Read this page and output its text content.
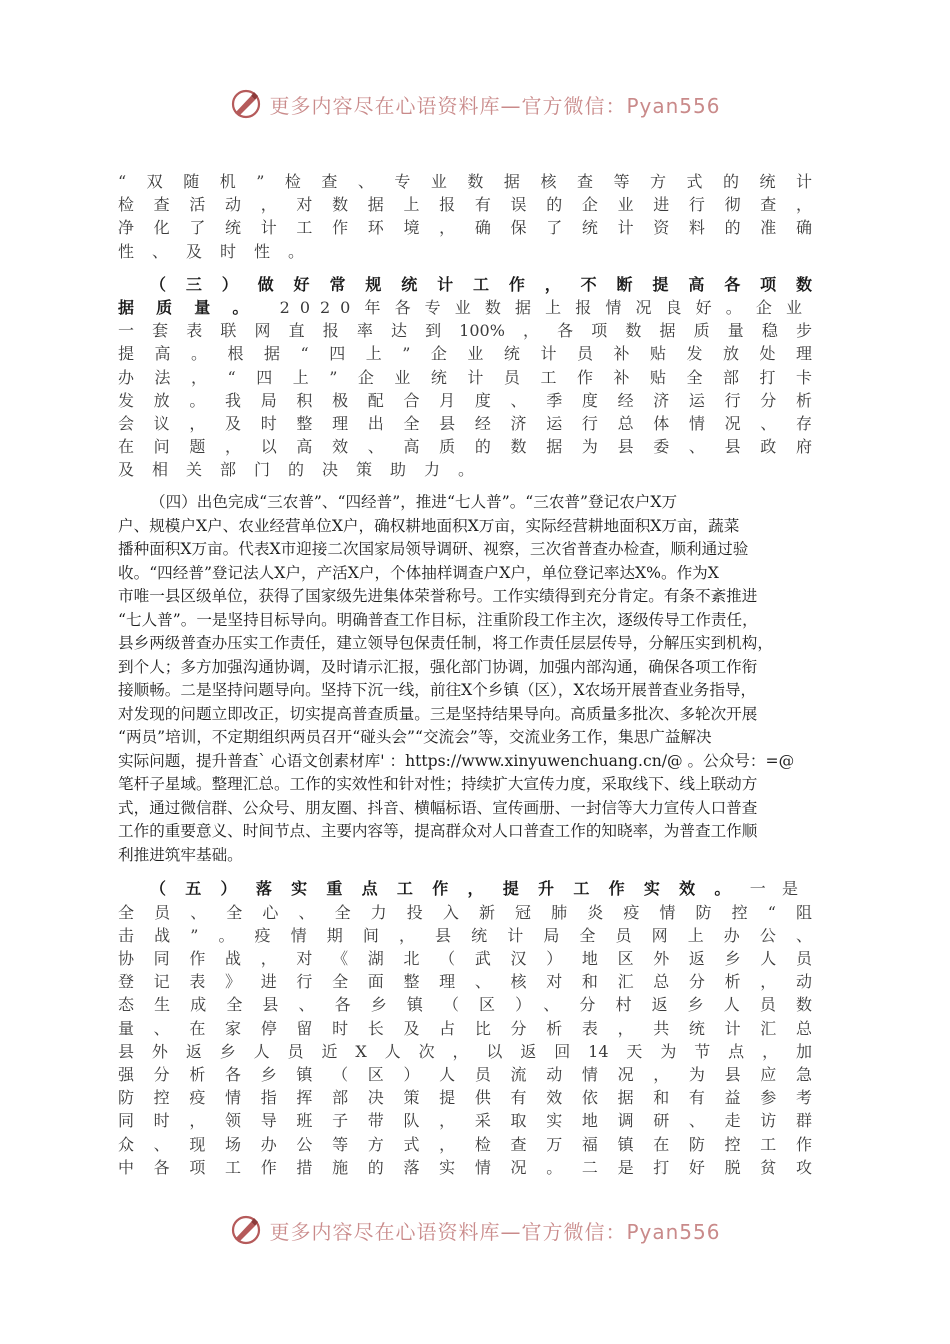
更多内容尽在心语资料库—官方微信：Pyan556
“双随机”检查、专业数据核查等方式的统计
检查活动，对数据上报有误的企业进行彻查，
净化了统计工作环境，确保了统计资料的准确
性、及时性。
（三）做好常规统计工作，不断提高各项数
据质量。 2020年各专业数据上报情况良好。企业
一套表联网直报率达到100%，各项数据质量稳步
提高。根据“四上”企业统计员补贴发放处理
办法，“四上”企业统计员工作补贴全部打卡
发放。我局积极配合月度、季度经济运行分析
会议，及时整理出全县经济运行总体情况、存
在问题，以高效、高质的数据为县委、县政府
及相关部门的决策助力。
（四）出色完成“三农普”、“四经普”，推进“七人普”。“三农普”登记农户X万
户、规模户X户、农业经营单位X户，确权耕地面积X万亩，实际经营耕地面积X万亩，蔬菜
播种面积X万亩。代表X市迎接二次国家局领导调研、视察，三次省普查办检查，顺利通过验
收。“四经普”登记法人X户，产活X户，个体抽样调查户X户，单位登记率达X%。作为X
市唯一县区级单位，获得了国家级先进集体荣誉称号。工作实绩得到充分肯定。有条不紊推进
“七人普”。一是坚持目标导向。明确普查工作目标，注重阶段工作主次，逐级传导工作责任，
县乡两级普查办压实工作责任，建立领导包保责任制，将工作责任层层传导，分解压实到机构，
到个人；多方加强沟通协调，及时请示汇报，强化部门协调，加强内部沟通，确保各项工作衔
接顺畅。二是坚持问题导向。坚持下沉一线，前往X个乡镇（区），X农场开展普查业务指导，
对发现的问题立即改正，切实提高普查质量。三是坚持结果导向。高质量多批次、多轮次开展
“两员”培训，不定期组织两员召开“碰头会”“交流会”等，交流业务工作，集思广益解决
实际问题，提升普查` 心语文创素材库' ：https://www.xinyuwenchuang.cn/@ 。公众号：=@
笔杆子星域。整理汇总。工作的实效性和针对性；持续扩大宣传力度，采取线下、线上联动方
式，通过微信群、公众号、朋友圈、抖音、横幅标语、宣传画册、一封信等大力宣传人口普查
工作的重要意义、时间节点、主要内容等，提高群众对人口普查工作的知晓率，为普查工作顺
利推进筑牢基础。
（五）落实重点工作，提升工作实效。一是
全员、全心、全力投入新冠肺炎疫情防控“阻
击战”。疫情期间，县统计局全员网上办公、
协同作战，对《湖北（武汉）地区外返乡人员
登记表》进行全面整理、核对和汇总分析，动
态生成全县、各乡镇（区）、分村返乡人员数
量、在家停留时长及占比分析表，共统计汇总
县外返乡人员近X人次，以返回14天为节点，加
强分析各乡镇（区）人员流动情况，为县应急
防控疫情指挥部决策提供有效依据和有益参考
同时，领导班子带队，采取实地调研、走访群
众、现场办公等方式，检查万福镇在防控工作
中各项工作措施的落实情况。二是打好脱贫攻
更多内容尽在心语资料库—官方微信：Pyan556
